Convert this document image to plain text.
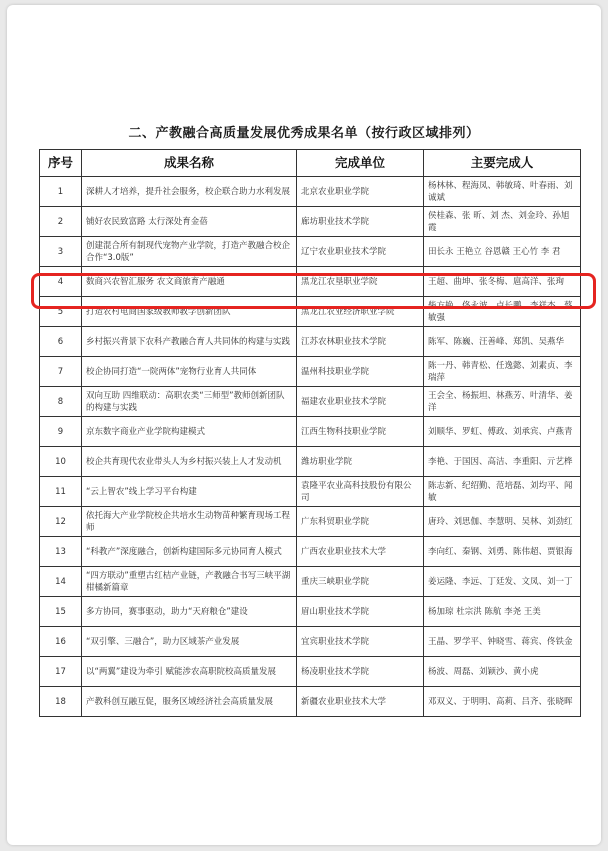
二、产教融合高质量发展优秀成果名单（按行政区域排列）
序号	成果名称	完成单位	主要完成人
1	深耕人才培养，提升社会服务，校企联合助力水利发展	北京农业职业学院	杨林林、程海凤、韩敏琦、叶春雨、刘诚斌
2	铺好农民致富路 太行深处育金蓓	廊坊职业技术学院	侯桂森、张 昕、刘 杰、刘金玲、孙旭霞
3	创建混合所有制现代宠物产业学院，打造产教融合校企合作“3.0版”	辽宁农业职业技术学院	田长永 王艳立 谷恩赣 王心竹 李 君
4	数商兴农智汇服务 农文商旅育产融通	黑龙江农垦职业学院	王超、曲坤、张冬梅、扈高洋、张珣
5	打造农村电商国家级教师教学创新团队	黑龙江农业经济职业学院	柴方艳、佟永波、卢长鹏、李祥杰、蔡敏强
6	乡村振兴背景下农科产教融合育人共同体的构建与实践	江苏农林职业技术学院	陈军、陈巍、汪善峰、郑凯、吴燕华
7	校企协同打造“一院两体”宠物行业育人共同体	温州科技职业学院	陈一丹、韩青松、任逸懿、刘素贞、李瑞萍
8	双向互助 四维联动：高职农类“三师型”教师创新团队的构建与实践	福建农业职业技术学院	王会全、杨振坦、林燕芳、叶清华、姜洋
9	京东数字商业产业学院构建模式	江西生物科技职业学院	刘顺华、罗虹、傅政、刘承宾、卢燕青
10	校企共育现代农业带头人为乡村振兴装上人才发动机	潍坊职业学院	李艳、于国因、高洁、李重阳、亓艺桦
11	“云上智农”线上学习平台构建	袁隆平农业高科技股份有限公司	陈志新、纪绍勤、范培磊、刘均平、闻敏
12	依托海大产业学院校企共培水生动物苗种繁育现场工程师	广东科贸职业学院	唐玲、刘思伽、李慧明、吴林、刘劲红
13	“科教产”深度融合，创新构建国际多元协同育人模式	广西农业职业技术大学	李向红、秦钢、刘勇、陈伟超、贾银海
14	“四方联动”重塑古红桔产业链，产教融合书写三峡平湖柑橘新篇章	重庆三峡职业学院	姜运隆、李远、丁廷发、文凤、刘一丁
15	多方协同，赛事驱动，助力“天府粮仓”建设	眉山职业技术学院	杨加琼 杜宗洪 陈航 李尧 王美
16	“双引擎、三融合”，助力区域茶产业发展	宜宾职业技术学院	王晶、罗学平、钟晓雪、蒋宾、佟铁金
17	以“两翼”建设为牵引 赋能涉农高职院校高质量发展	杨凌职业技术学院	杨波、周磊、刘颖沙、黄小虎
18	产教科创互融互促，服务区域经济社会高质量发展	新疆农业职业技术大学	邓双义、于明明、高莉、吕齐、张晓晖
